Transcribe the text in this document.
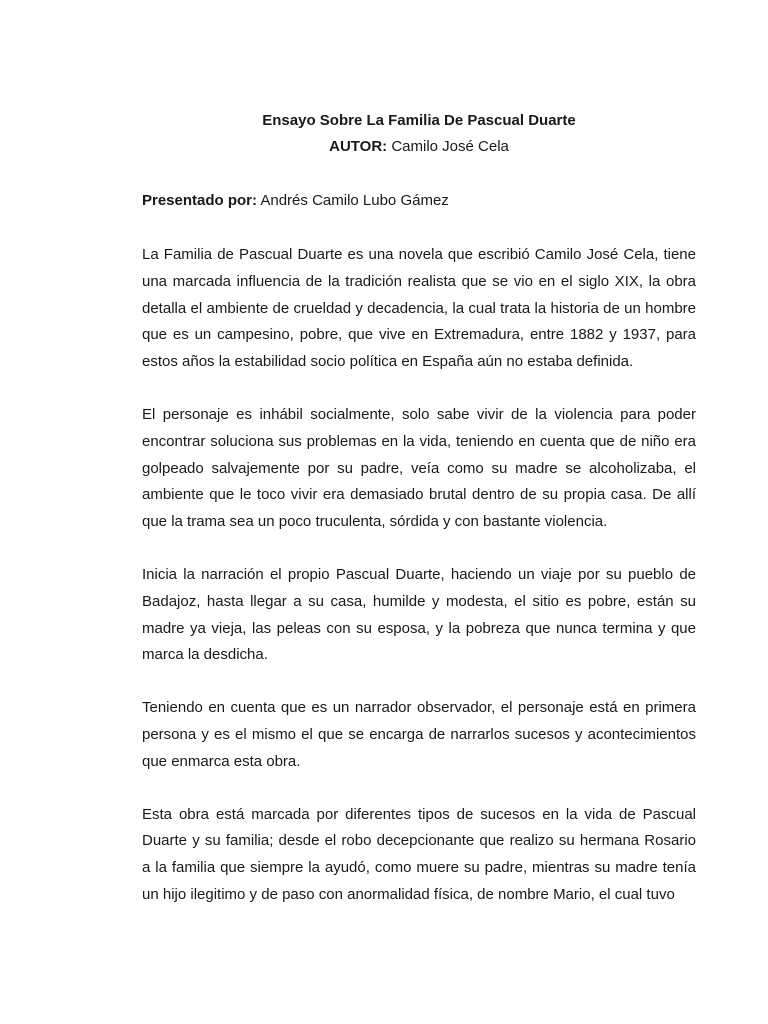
Ensayo Sobre La Familia De Pascual Duarte

AUTOR: Camilo José Cela

Presentado por: Andrés Camilo Lubo Gámez

La Familia de Pascual Duarte es una novela que escribió Camilo José Cela, tiene una marcada influencia de la tradición realista que se vio en el siglo XIX, la obra detalla el ambiente de crueldad y decadencia, la cual trata la historia de un hombre que es un campesino, pobre, que vive en Extremadura, entre 1882 y 1937, para estos años la estabilidad socio política en España aún no estaba definida.

El personaje es inhábil socialmente, solo sabe vivir de la violencia para poder encontrar soluciona sus problemas en la vida, teniendo en cuenta que de niño era golpeado salvajemente por su padre, veía como su madre se alcoholizaba, el ambiente que le toco vivir era demasiado brutal dentro de su propia casa. De allí que la trama sea un poco truculenta, sórdida y con bastante violencia.

Inicia la narración el propio Pascual Duarte, haciendo un viaje por su pueblo de Badajoz, hasta llegar a su casa, humilde y modesta, el sitio es pobre, están su madre ya vieja, las peleas con su esposa, y la pobreza que nunca termina y que marca la desdicha.

Teniendo en cuenta que es un narrador observador, el personaje está en primera persona y es el mismo el que se encarga de narrarlos sucesos y acontecimientos que enmarca esta obra.

Esta obra está marcada por diferentes tipos de sucesos en la vida de Pascual Duarte y su familia; desde el robo decepcionante que realizo su hermana Rosario a la familia que siempre la ayudó, como muere su padre, mientras su madre tenía un hijo ilegitimo y de paso con anormalidad física, de nombre Mario, el cual tuvo
